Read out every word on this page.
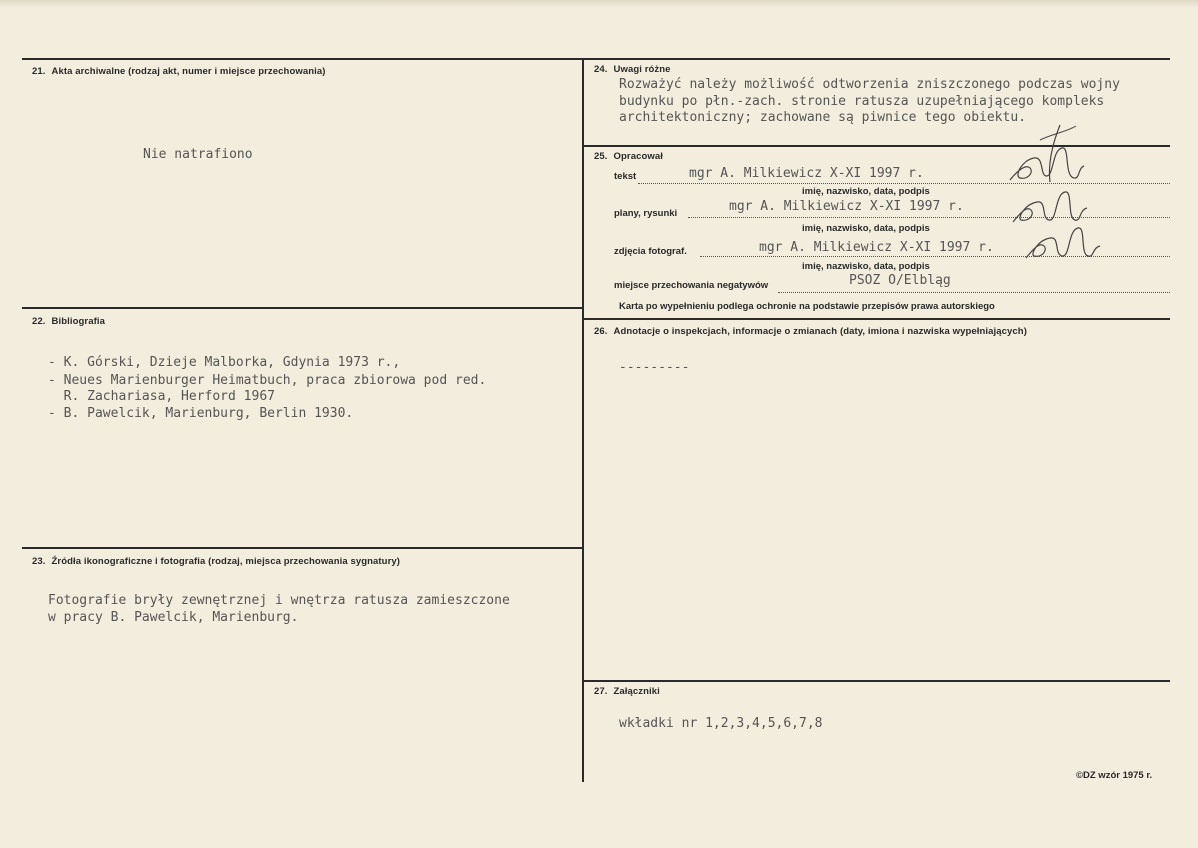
21. Akta archiwalne (rodzaj akt, numer i miejsce przechowania)
Nie natrafiono
22. Bibliografia
- K. Górski, Dzieje Malborka, Gdynia 1973 r.,
- Neues Marienburger Heimatbuch, praca zbiorowa pod red.
R. Zachariasa, Herford 1967
- B. Pawelcik, Marienburg, Berlin 1930.
23. Źródła ikonograficzne i fotografia (rodzaj, miejsca przechowania sygnatury)
Fotografie bryły zewnętrznej i wnętrza ratusza zamieszczone
w pracy B. Pawelcik, Marienburg.
24. Uwagi różne
Rozważyć należy możliwość odtworzenia zniszczonego podczas wojny
budynku po płn.-zach. stronie ratusza uzupełniającego kompleks
architektoniczny; zachowane są piwnice tego obiektu.
25. Opracował
tekst	mgr A. Milkiewicz X-XI 1997 r.
imię, nazwisko, data, podpis
plany, rysunki	mgr A. Milkiewicz X-XI 1997 r.
imię, nazwisko, data, podpis
zdjęcia fotograf.	mgr A. Milkiewicz X-XI 1997 r.
imię, nazwisko, data, podpis
miejsce przechowania negatywów	PSOZ O/Elbląg
Karta po wypełnieniu podlega ochronie na podstawie przepisów prawa autorskiego
26. Adnotacje o inspekcjach, informacje o zmianach (daty, imiona i nazwiska wypełniających)
---------
27. Załączniki
wkładki nr 1,2,3,4,5,6,7,8
©DZ wzór 1975 r.
